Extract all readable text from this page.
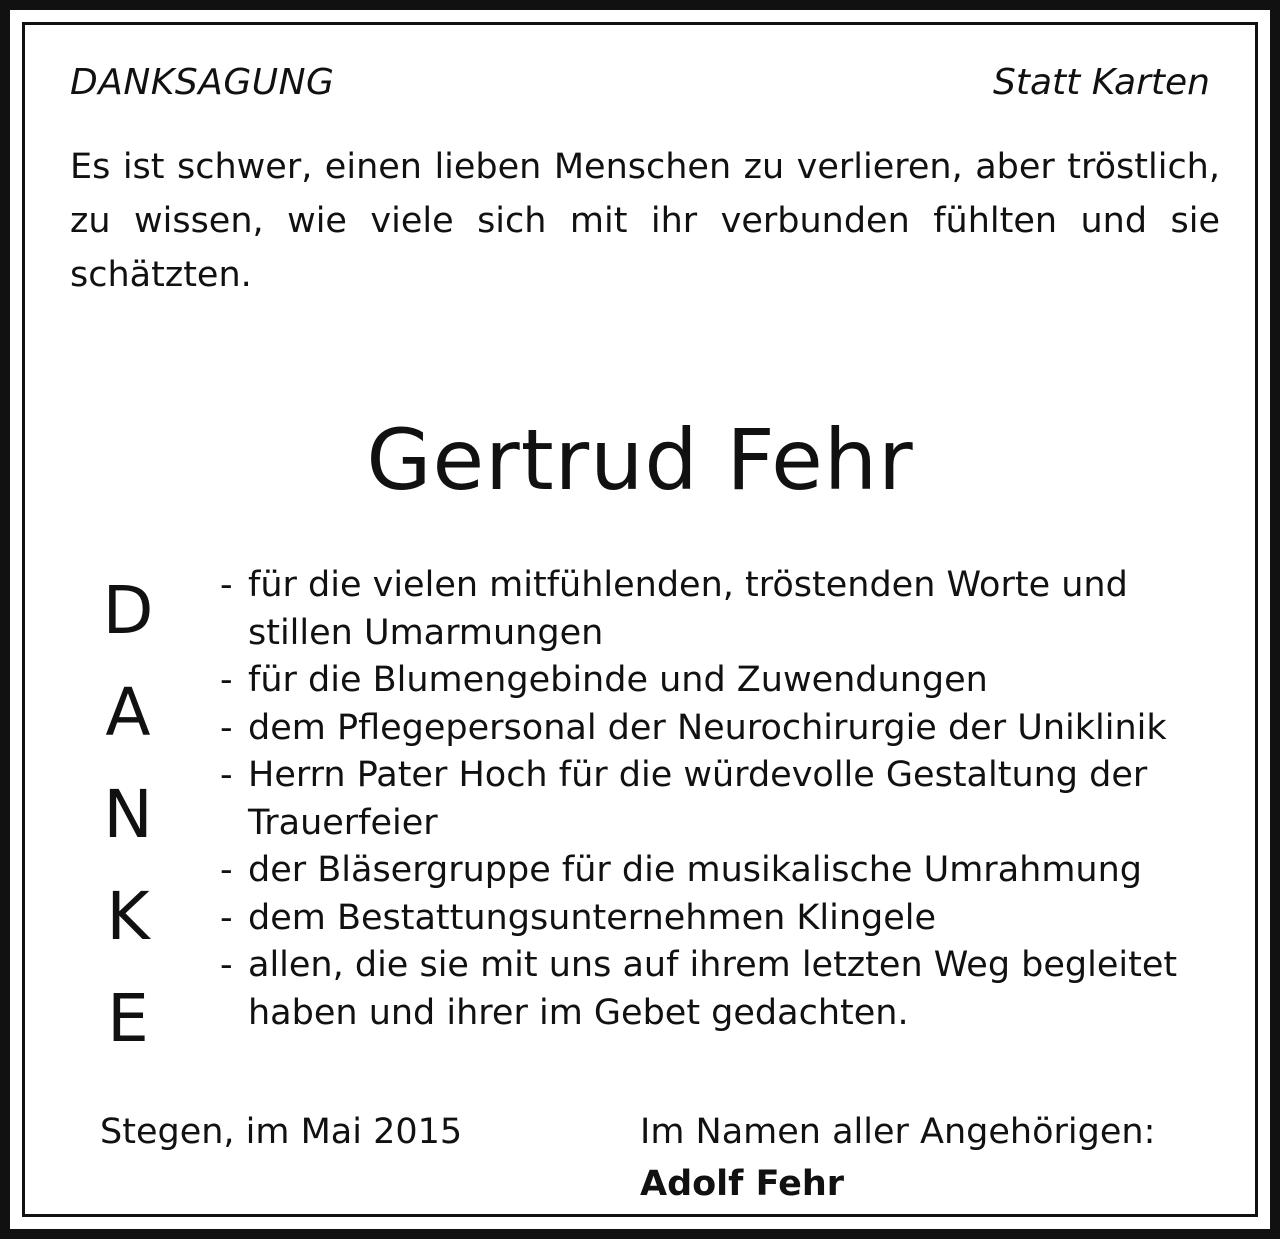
DANKSAGUNG	Statt Karten

Es ist schwer, einen lieben Menschen zu verlieren, aber tröstlich, zu wissen, wie viele sich mit ihr verbunden fühlten und sie schätzten.

Gertrud Fehr
D
A
N
K
E
- für die vielen mitfühlenden, tröstenden Worte und stillen Umarmungen
- für die Blumengebinde und Zuwendungen
- dem Pflegepersonal der Neurochirurgie der Uniklinik
- Herrn Pater Hoch für die würdevolle Gestaltung der Trauerfeier
- der Bläsergruppe für die musikalische Umrahmung
- dem Bestattungsunternehmen Klingele
- allen, die sie mit uns auf ihrem letzten Weg begleitet haben und ihrer im Gebet gedachten.
Stegen, im Mai 2015	Im Namen aller Angehörigen:
Adolf Fehr
